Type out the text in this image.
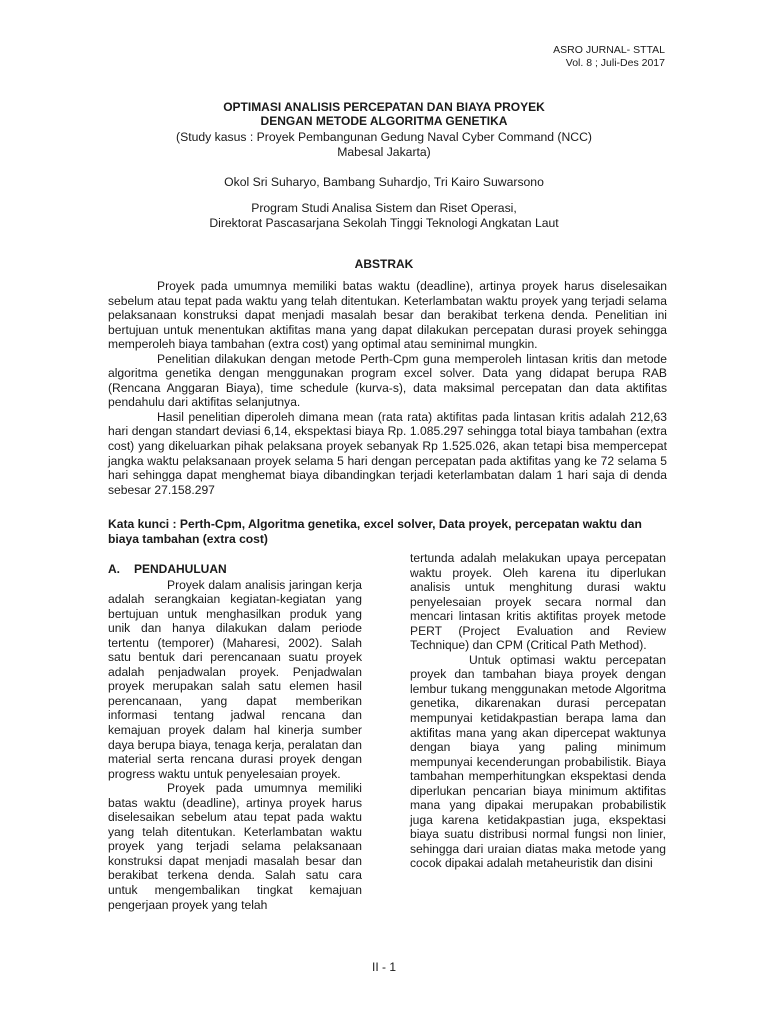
ASRO JURNAL- STTAL
Vol. 8 ; Juli-Des 2017
OPTIMASI ANALISIS PERCEPATAN DAN BIAYA PROYEK
DENGAN METODE ALGORITMA GENETIKA
(Study kasus : Proyek Pembangunan Gedung Naval Cyber Command (NCC)
Mabesal Jakarta)
Okol Sri Suharyo, Bambang Suhardjo, Tri Kairo Suwarsono
Program Studi Analisa Sistem dan Riset Operasi,
Direktorat Pascasarjana Sekolah Tinggi Teknologi Angkatan Laut
ABSTRAK

Proyek pada umumnya memiliki batas waktu (deadline), artinya proyek harus diselesaikan sebelum atau tepat pada waktu yang telah ditentukan. Keterlambatan waktu proyek yang terjadi selama pelaksanaan konstruksi dapat menjadi masalah besar dan berakibat terkena denda. Penelitian ini bertujuan untuk menentukan aktifitas mana yang dapat dilakukan percepatan durasi proyek sehingga memperoleh biaya tambahan (extra cost) yang optimal atau seminimal mungkin.

Penelitian dilakukan dengan metode Perth-Cpm guna memperoleh lintasan kritis dan metode algoritma genetika dengan menggunakan program excel solver. Data yang didapat berupa RAB (Rencana Anggaran Biaya), time schedule (kurva-s), data maksimal percepatan dan data aktifitas pendahulu dari aktifitas selanjutnya.

Hasil penelitian diperoleh dimana mean (rata rata) aktifitas pada lintasan kritis adalah 212,63 hari dengan standart deviasi 6,14, ekspektasi biaya Rp. 1.085.297 sehingga total biaya tambahan (extra cost) yang dikeluarkan pihak pelaksana proyek sebanyak Rp 1.525.026, akan tetapi bisa mempercepat jangka waktu pelaksanaan proyek selama 5 hari dengan percepatan pada aktifitas yang ke 72 selama 5 hari sehingga dapat menghemat biaya dibandingkan terjadi keterlambatan dalam 1 hari saja di denda sebesar 27.158.297

Kata kunci : Perth-Cpm, Algoritma genetika, excel solver, Data proyek, percepatan waktu dan biaya tambahan (extra cost)
A. PENDAHULUAN

Proyek dalam analisis jaringan kerja adalah serangkaian kegiatan-kegiatan yang bertujuan untuk menghasilkan produk yang unik dan hanya dilakukan dalam periode tertentu (temporer) (Maharesi, 2002). Salah satu bentuk dari perencanaan suatu proyek adalah penjadwalan proyek. Penjadwalan proyek merupakan salah satu elemen hasil perencanaan, yang dapat memberikan informasi tentang jadwal rencana dan kemajuan proyek dalam hal kinerja sumber daya berupa biaya, tenaga kerja, peralatan dan material serta rencana durasi proyek dengan progress waktu untuk penyelesaian proyek.

Proyek pada umumnya memiliki batas waktu (deadline), artinya proyek harus diselesaikan sebelum atau tepat pada waktu yang telah ditentukan. Keterlambatan waktu proyek yang terjadi selama pelaksanaan konstruksi dapat menjadi masalah besar dan berakibat terkena denda. Salah satu cara untuk mengembalikan tingkat kemajuan pengerjaan proyek yang telah

tertunda adalah melakukan upaya percepatan waktu proyek. Oleh karena itu diperlukan analisis untuk menghitung durasi waktu penyelesaian proyek secara normal dan mencari lintasan kritis aktifitas proyek metode PERT (Project Evaluation and Review Technique) dan CPM (Critical Path Method).

Untuk optimasi waktu percepatan proyek dan tambahan biaya proyek dengan lembur tukang menggunakan metode Algoritma genetika, dikarenakan durasi percepatan mempunyai ketidakpastian berapa lama dan aktifitas mana yang akan dipercepat waktunya dengan biaya yang paling minimum mempunyai kecenderungan probabilistik. Biaya tambahan memperhitungkan ekspektasi denda diperlukan pencarian biaya minimum aktifitas mana yang dipakai merupakan probabilistik juga karena ketidakpastian juga, ekspektasi biaya suatu distribusi normal fungsi non linier, sehingga dari uraian diatas maka metode yang cocok dipakai adalah metaheuristik dan disini

II - 1
